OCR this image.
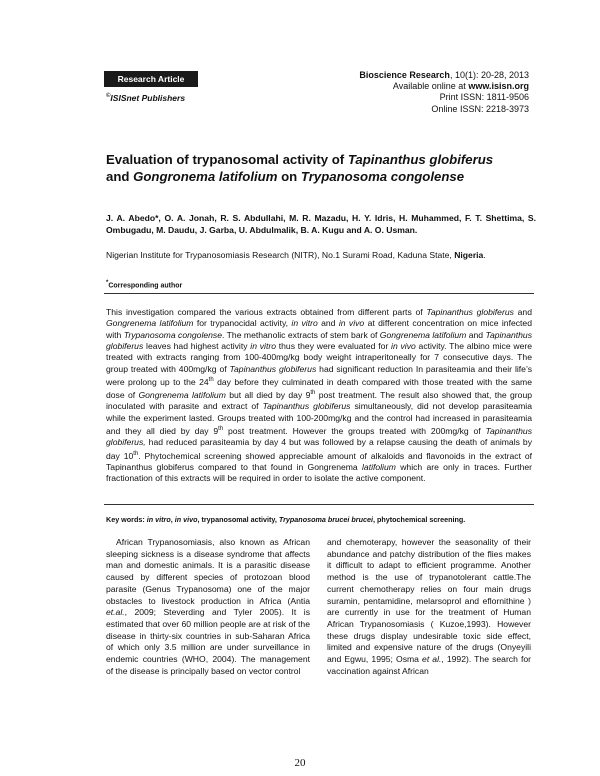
Research Article
©ISISnet Publishers
Bioscience Research, 10(1): 20-28, 2013
Available online at www.isisn.org
Print ISSN: 1811-9506
Online ISSN: 2218-3973
Evaluation of trypanosomal activity of Tapinanthus globiferus
and Gongronema latifolium on Trypanosoma congolense
J. A. Abedo*, O. A. Jonah, R. S. Abdullahi, M. R. Mazadu, H. Y. Idris, H. Muhammed, F. T. Shettima, S. Ombugadu, M. Daudu, J. Garba, U. Abdulmalik, B. A. Kugu and A. O. Usman.
Nigerian Institute for Trypanosomiasis Research (NITR), No.1 Surami Road, Kaduna State, Nigeria.
*Corresponding author
This investigation compared the various extracts obtained from different parts of Tapinanthus globiferus and Gongrenema latifolium for trypanocidal activity, in vitro and in vivo at different concentration on mice infected with Trypanosoma congolense. The methanolic extracts of stem bark of Gongrenema latifolium and Tapinanthus globiferus leaves had highest activity in vitro thus they were evaluated for in vivo activity. The albino mice were treated with extracts ranging from 100-400mg/kg body weight intraperitoneally for 7 consecutive days. The group treated with 400mg/kg of Tapinanthus globiferus had significant reduction In parasiteamia and their life’s were prolong up to the 24th day before they culminated in death compared with those treated with the same dose of Gongrenema latifolium but all died by day 9th post treatment. The result also showed that, the group inoculated with parasite and extract of Tapinanthus globiferus simultaneously, did not develop parasiteamia while the experiment lasted. Groups treated with 100-200mg/kg and the control had increased in parasiteamia and they all died by day 9th post treatment. However the groups treated with 200mg/kg of Tapinanthus globiferus, had reduced parasiteamia by day 4 but was followed by a relapse causing the death of animals by day 10th. Phytochemical screening showed appreciable amount of alkaloids and flavonoids in the extract of Tapinanthus globiferus compared to that found in Gongrenema latifolium which are only in traces. Further fractionation of this extracts will be required in order to isolate the active component.
Key words: in vitro, in vivo, trypanosomal activity, Trypanosoma brucei brucei, phytochemical screening.
African Trypanosomiasis, also known as African sleeping sickness is a disease syndrome that affects man and domestic animals. It is a parasitic disease caused by different species of protozoan blood parasite (Genus Trypanosoma) one of the major obstacles to livestock production in Africa (Antia et.al., 2009; Steverding and Tyler 2005). It is estimated that over 60 million people are at risk of the disease in thirty-six countries in sub-Saharan Africa of which only 3.5 million are under surveillance in endemic countries (WHO, 2004). The management of the disease is principally based on vector control
and chemoterapy, however the seasonality of their abundance and patchy distribution of the flies makes it difficult to adapt to efficient programme. Another method is the use of trypanotolerant cattle.The current chemotherapy relies on four main drugs suramin, pentamidine, melarsoprol and eflornithine ) are currently in use for the treatment of Human African Trypanosomiasis ( Kuzoe,1993). However these drugs display undesirable toxic side effect, limited and expensive nature of the drugs (Onyeyili and Egwu, 1995; Osma et al., 1992). The search for vaccination against African
20
